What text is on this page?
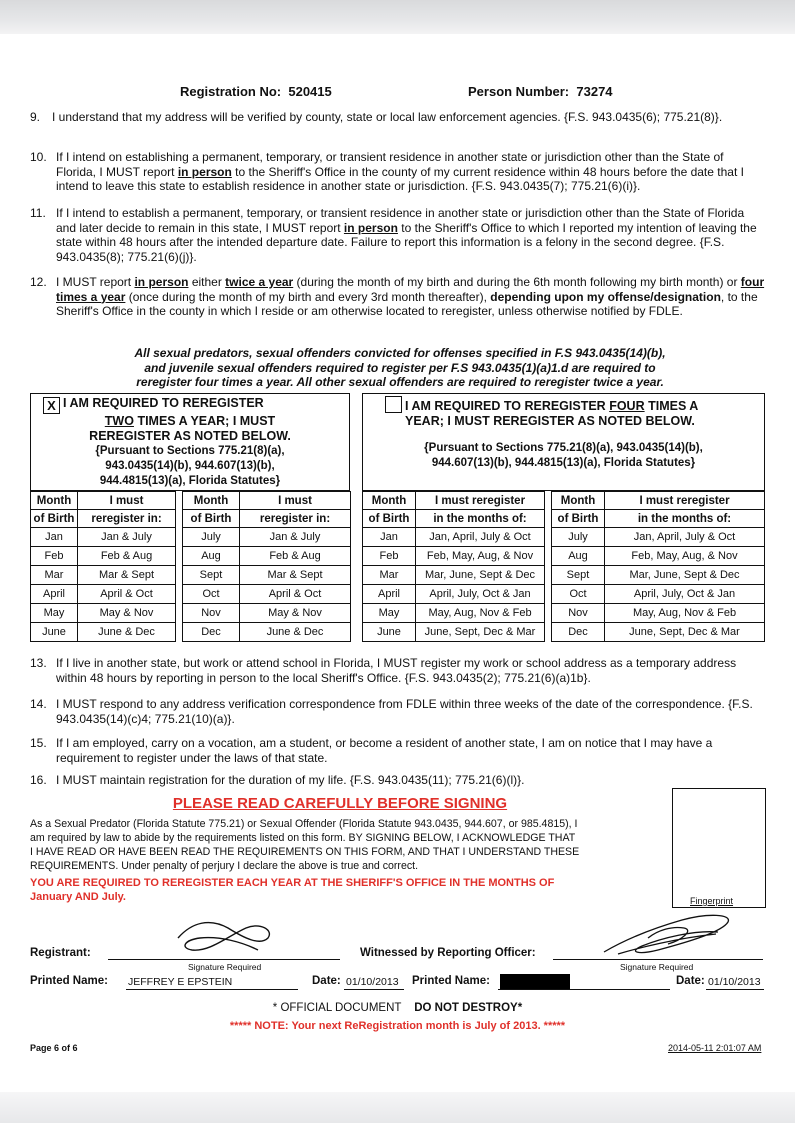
Registration No: 520415	Person Number: 73274
9. I understand that my address will be verified by county, state or local law enforcement agencies. {F.S. 943.0435(6); 775.21(8)}.
10. If I intend on establishing a permanent, temporary, or transient residence in another state or jurisdiction other than the State of Florida, I MUST report in person to the Sheriff's Office in the county of my current residence within 48 hours before the date that I intend to leave this state to establish residence in another state or jurisdiction. {F.S. 943.0435(7); 775.21(6)(i)}.
11. If I intend to establish a permanent, temporary, or transient residence in another state or jurisdiction other than the State of Florida and later decide to remain in this state, I MUST report in person to the Sheriff's Office to which I reported my intention of leaving the state within 48 hours after the intended departure date. Failure to report this information is a felony in the second degree. {F.S. 943.0435(8); 775.21(6)(j)}.
12. I MUST report in person either twice a year (during the month of my birth and during the 6th month following my birth month) or four times a year (once during the month of my birth and every 3rd month thereafter), depending upon my offense/designation, to the Sheriff's Office in the county in which I reside or am otherwise located to reregister, unless otherwise notified by FDLE.
All sexual predators, sexual offenders convicted for offenses specified in F.S 943.0435(14)(b),
and juvenile sexual offenders required to register per F.S 943.0435(1)(a)1.d are required to
reregister four times a year. All other sexual offenders are required to reregister twice a year.
X I AM REQUIRED TO REREGISTER
TWO TIMES A YEAR; I MUST
REREGISTER AS NOTED BELOW.
{Pursuant to Sections 775.21(8)(a),
943.0435(14)(b), 944.607(13)(b),
944.4815(13)(a), Florida Statutes}
Month	I must		Month	I must
of Birth	reregister in:		of Birth	reregister in:
Jan	Jan & July		July	Jan & July
Feb	Feb & Aug		Aug	Feb & Aug
Mar	Mar & Sept		Sept	Mar & Sept
April	April & Oct		Oct	April & Oct
May	May & Nov		Nov	May & Nov
June	June & Dec		Dec	June & Dec
I AM REQUIRED TO REREGISTER FOUR TIMES A
YEAR; I MUST REREGISTER AS NOTED BELOW.
{Pursuant to Sections 775.21(8)(a), 943.0435(14)(b),
944.607(13)(b), 944.4815(13)(a), Florida Statutes}
Month	I must reregister		Month	I must reregister
of Birth	in the months of:		of Birth	in the months of:
Jan	Jan, April, July & Oct		July	Jan, April, July & Oct
Feb	Feb, May, Aug, & Nov		Aug	Feb, May, Aug, & Nov
Mar	Mar, June, Sept & Dec		Sept	Mar, June, Sept & Dec
April	April, July, Oct & Jan		Oct	April, July, Oct & Jan
May	May, Aug, Nov & Feb		Nov	May, Aug, Nov & Feb
June	June, Sept, Dec & Mar		Dec	June, Sept, Dec & Mar
13. If I live in another state, but work or attend school in Florida, I MUST register my work or school address as a temporary address within 48 hours by reporting in person to the local Sheriff's Office. {F.S. 943.0435(2); 775.21(6)(a)1b}.
14. I MUST respond to any address verification correspondence from FDLE within three weeks of the date of the correspondence. {F.S. 943.0435(14)(c)4; 775.21(10)(a)}.
15. If I am employed, carry on a vocation, am a student, or become a resident of another state, I am on notice that I may have a requirement to register under the laws of that state.
16. I MUST maintain registration for the duration of my life. {F.S. 943.0435(11); 775.21(6)(l)}.
PLEASE READ CAREFULLY BEFORE SIGNING
As a Sexual Predator (Florida Statute 775.21) or Sexual Offender (Florida Statute 943.0435, 944.607, or 985.4815), I
am required by law to abide by the requirements listed on this form. BY SIGNING BELOW, I ACKNOWLEDGE THAT
I HAVE READ OR HAVE BEEN READ THE REQUIREMENTS ON THIS FORM, AND THAT I UNDERSTAND THESE
REQUIREMENTS. Under penalty of perjury I declare the above is true and correct.
YOU ARE REQUIRED TO REREGISTER EACH YEAR AT THE SHERIFF'S OFFICE IN THE MONTHS OF
January AND July.	Fingerprint
Registrant:
Signature Required
Witnessed by Reporting Officer:
Signature Required
Printed Name: JEFFREY E EPSTEIN	Date: 01/10/2013 Printed Name:	Date: 01/10/2013
* OFFICIAL DOCUMENT DO NOT DESTROY*
***** NOTE: Your next ReRegistration month is July of 2013. *****
Page 6 of 6	2014-05-11 2:01:07 AM
